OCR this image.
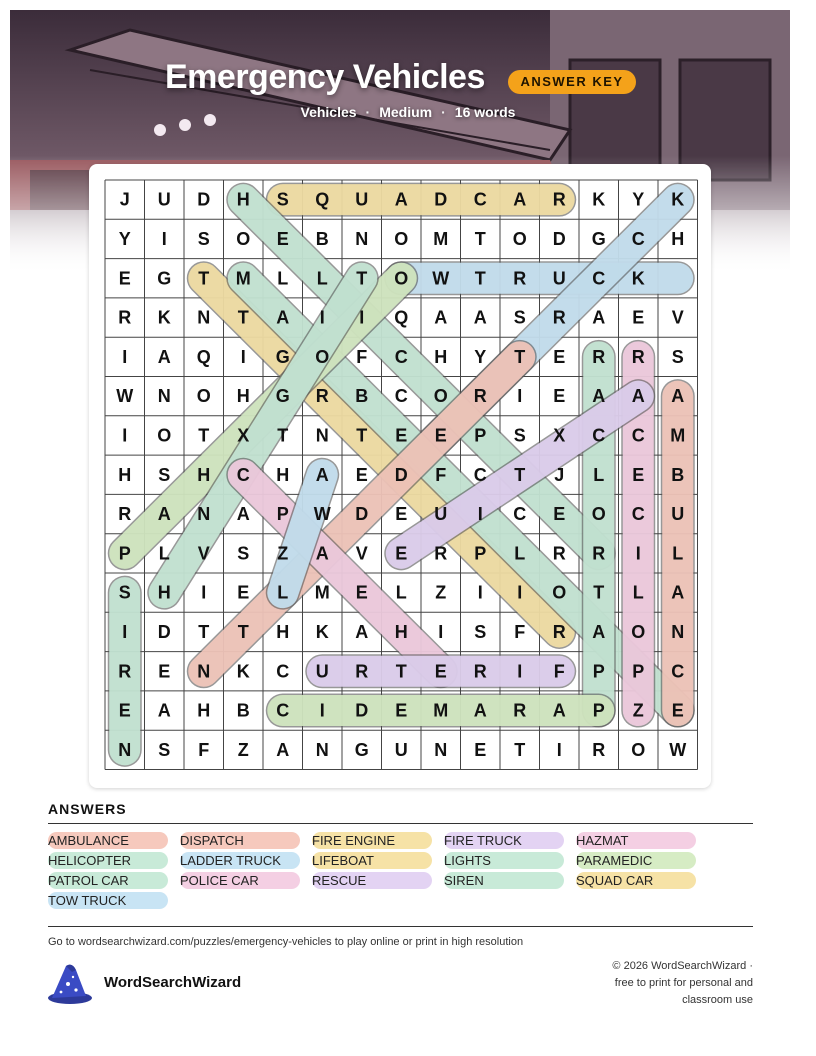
Emergency Vehicles	ANSWER KEY
Vehicles · Medium · 16 words
J U D H S Q U A D C A R K Y K
Y I S O E B N O M T O D G C H
E G T M L L T O W T R U C K
R K N T A I I Q A A S R A E V
I A Q I G O F C H Y T E R R S
W N O H G R B C O R I E A A A
I O T X T N T E E P S X C C M
H S H C H A E D F C T J L E B
R A N A P W D E U I C E O C U
P L V S Z A V E R P L R R I L
S H I E L M E L Z I I O T L A
I D T T H K A H I S F R A O N
R E N K C U R T E R I F P P C
E A H B C I D E M A R A P Z E
N S F Z A N G U N E T I R O W
ANSWERS
AMBULANCE	DISPATCH	FIRE ENGINE	FIRE TRUCK	HAZMAT
HELICOPTER	LADDER TRUCK	LIFEBOAT	LIGHTS	PARAMEDIC
PATROL CAR	POLICE CAR	RESCUE	SIREN	SQUAD CAR
TOW TRUCK
Go to wordsearchwizard.com/puzzles/emergency-vehicles to play online or print in high resolution
WordSearchWizard
© 2026 WordSearchWizard ·
free to print for personal and
classroom use
